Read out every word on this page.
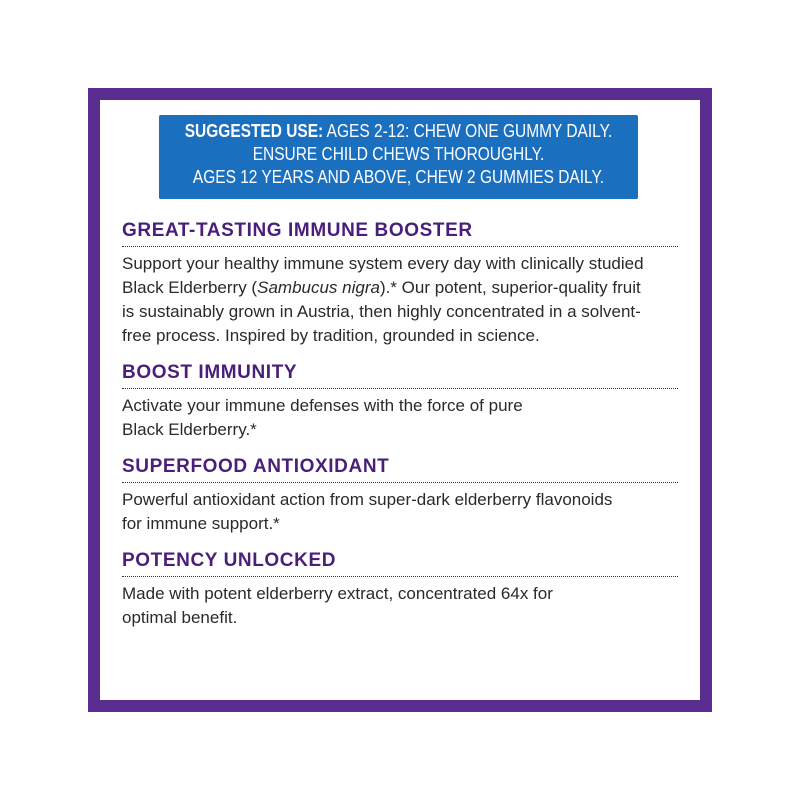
SUGGESTED USE: AGES 2-12: CHEW ONE GUMMY DAILY.
ENSURE CHILD CHEWS THOROUGHLY.
AGES 12 YEARS AND ABOVE, CHEW 2 GUMMIES DAILY.
GREAT-TASTING IMMUNE BOOSTER

Support your healthy immune system every day with clinically studied

Black Elderberry (Sambucus nigra).* Our potent, superior-quality fruit

is sustainably grown in Austria, then highly concentrated in a solvent-

free process. Inspired by tradition, grounded in science.

BOOST IMMUNITY

Activate your immune defenses with the force of pure

Black Elderberry.*

SUPERFOOD ANTIOXIDANT

Powerful antioxidant action from super-dark elderberry flavonoids

for immune support.*

POTENCY UNLOCKED

Made with potent elderberry extract, concentrated 64x for

optimal benefit.
